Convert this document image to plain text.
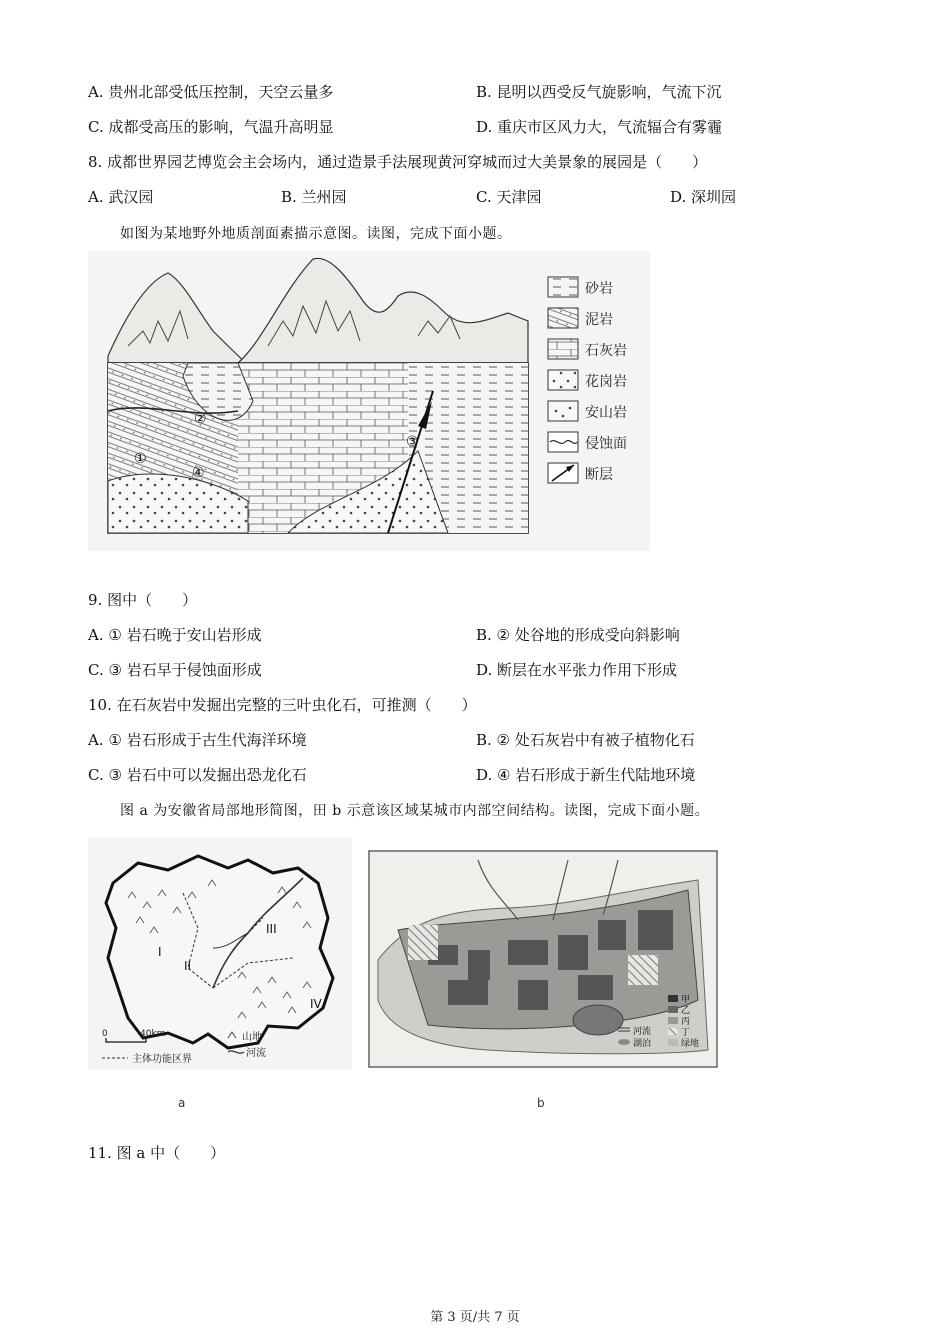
A. 贵州北部受低压控制，天空云量多	B. 昆明以西受反气旋影响，气流下沉
C. 成都受高压的影响，气温升高明显	D. 重庆市区风力大，气流辐合有雾霾
8. 成都世界园艺博览会主会场内，通过造景手法展现黄河穿城而过大美景象的展园是（　　）
A. 武汉园	B. 兰州园	C. 天津园	D. 深圳园
如图为某地野外地质剖面素描示意图。读图，完成下面小题。
①
②
③
④
砂岩
泥岩
石灰岩
花岗岩
安山岩
侵蚀面
断层
9. 图中（　　）
A. ① 岩石晚于安山岩形成	B. ② 处谷地的形成受向斜影响
C. ③ 岩石早于侵蚀面形成	D. 断层在水平张力作用下形成
10. 在石灰岩中发掘出完整的三叶虫化石，可推测（　　）
A. ① 岩石形成于古生代海洋环境	B. ② 处石灰岩中有被子植物化石
C. ③ 岩石中可以发掘出恐龙化石	D. ④ 岩石形成于新生代陆地环境
图 a 为安徽省局部地形简图，田 b 示意该区域某城市内部空间结构。读图，完成下面小题。
I
II
III
IV
0	40km	山地
河流
主体功能区界
甲
乙
丙
丁
绿地
河流
湖泊
a	b
11. 图 a 中（　　）
第 3 页/共 7 页
